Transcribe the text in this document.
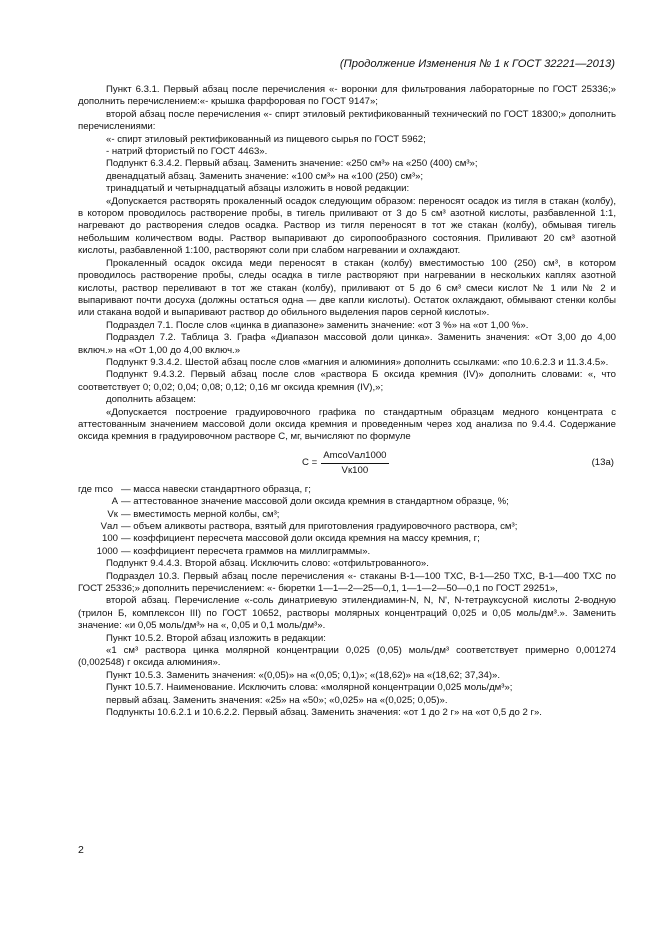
(Продолжение Изменения № 1 к ГОСТ 32221—2013)

Пункт 6.3.1. Первый абзац после перечисления «- воронки для фильтрования лабораторные по ГОСТ 25336;» дополнить перечислением:«- крышка фарфоровая по ГОСТ 9147»;

второй абзац после перечисления «- спирт этиловый ректификованный технический по ГОСТ 18300;» дополнить перечислениями:

«- спирт этиловый ректификованный из пищевого сырья по ГОСТ 5962;

- натрий фтористый по ГОСТ 4463».

Подпункт 6.3.4.2. Первый абзац. Заменить значение: «250 см³» на «250 (400) см³»;

двенадцатый абзац. Заменить значение: «100 см³» на «100 (250) см³»;

тринадцатый и четырнадцатый абзацы изложить в новой редакции:

«Допускается растворять прокаленный осадок следующим образом: переносят осадок из тигля в стакан (колбу), в котором проводилось растворение пробы, в тигель приливают от 3 до 5 см³ азотной кислоты, разбавленной 1:1, нагревают до растворения следов осадка. Раствор из тигля переносят в тот же стакан (колбу), обмывая тигель небольшим количеством воды. Раствор выпаривают до сиропообразного состояния. Приливают 20 см³ азотной кислоты, разбавленной 1:100, растворяют соли при слабом нагревании и охлаждают.

Прокаленный осадок оксида меди переносят в стакан (колбу) вместимостью 100 (250) см³, в котором проводилось растворение пробы, следы осадка в тигле растворяют при нагревании в нескольких каплях азотной кислоты, раствор переливают в тот же стакан (колбу), приливают от 5 до 6 см³ смеси кислот № 1 или № 2 и выпаривают почти досуха (должны остаться одна — две капли кислоты). Остаток охлаждают, обмывают стенки колбы или стакана водой и выпаривают раствор до обильного выделения паров серной кислоты».

Подраздел 7.1. После слов «цинка в диапазоне» заменить значение: «от 3 %» на «от 1,00 %».

Подраздел 7.2. Таблица 3. Графа «Диапазон массовой доли цинка». Заменить значения: «От 3,00 до 4,00 включ.» на «От 1,00 до 4,00 включ.»

Подпункт 9.3.4.2. Шестой абзац после слов «магния и алюминия» дополнить ссылками: «по 10.6.2.3 и 11.3.4.5».

Подпункт 9.4.3.2. Первый абзац после слов «раствора Б оксида кремния (IV)» дополнить словами: «, что соответствует 0; 0,02; 0,04; 0,08; 0,12; 0,16 мг оксида кремния (IV),»;

дополнить абзацем:

«Допускается построение градуировочного графика по стандартным образцам медного концентрата с аттестованным значением массовой доли оксида кремния и проведенным через ход анализа по 9.4.4. Содержание оксида кремния в градуировочном растворе C, мг, вычисляют по формуле

$C = \frac{\text{AmсоVал1000}}{Vк100}$	(13а)
где mсо	— масса навески стандартного образца, г;
A	— аттестованное значение массовой доли оксида кремния в стандартном образце, %;
Vк	— вместимость мерной колбы, см³;
Vал	— объем аликвоты раствора, взятый для приготовления градуировочного раствора, см³;
100	— коэффициент пересчета массовой доли оксида кремния на массу кремния, г;
1000	— коэффициент пересчета граммов на миллиграммы».

Подпункт 9.4.4.3. Второй абзац. Исключить слово: «отфильтрованного».

Подраздел 10.3. Первый абзац после перечисления «- стаканы В-1—100 ТХС, В-1—250 ТХС, В-1—400 ТХС по ГОСТ 25336;» дополнить перечислением: «- бюретки 1—1—2—25—0,1, 1—1—2—50—0,1 по ГОСТ 29251»,

второй абзац. Перечисление «-соль динатриевую этилендиамин-N, N, N', N-тетрауксусной кислоты 2-водную (трилон Б, комплексон III) по ГОСТ 10652, растворы молярных концентраций 0,025 и 0,05 моль/дм³.». Заменить значение: «и 0,05 моль/дм³» на «, 0,05 и 0,1 моль/дм³».

Пункт 10.5.2. Второй абзац изложить в редакции:

«1 см³ раствора цинка молярной концентрации 0,025 (0,05) моль/дм³ соответствует примерно 0,001274 (0,002548) г оксида алюминия».

Пункт 10.5.3. Заменить значения: «(0,05)» на «(0,05; 0,1)»; «(18,62)» на «(18,62; 37,34)».

Пункт 10.5.7. Наименование. Исключить слова: «молярной концентрации 0,025 моль/дм³»;

первый абзац. Заменить значения: «25» на «50»; «0,025» на «(0,025; 0,05)».

Подпункты 10.6.2.1 и 10.6.2.2. Первый абзац. Заменить значения: «от 1 до 2 г» на «от 0,5 до 2 г».

2
